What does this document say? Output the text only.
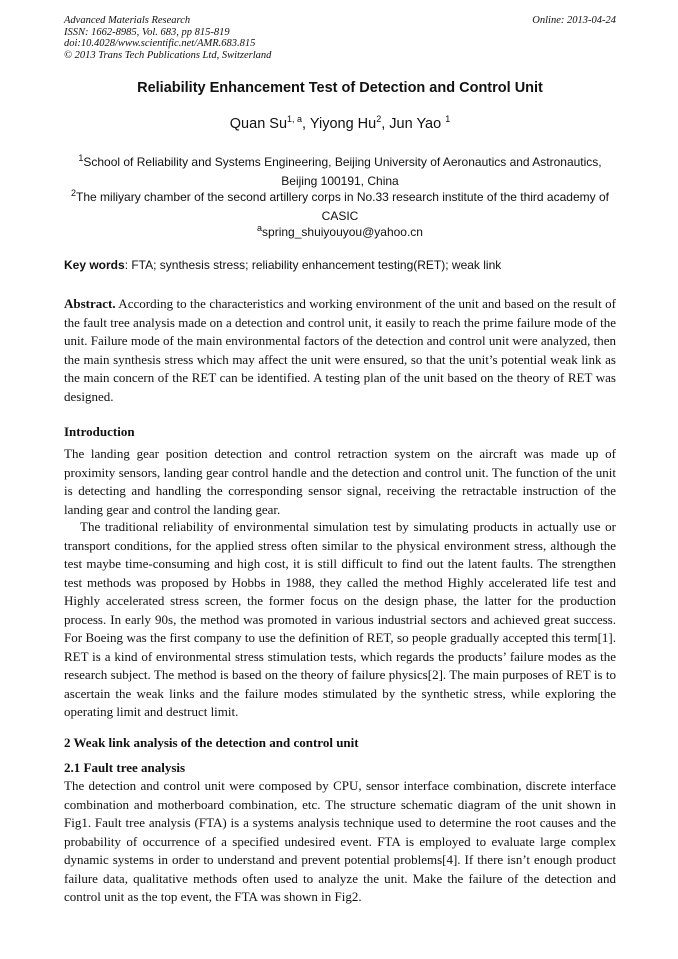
Advanced Materials Research
ISSN: 1662-8985, Vol. 683, pp 815-819
doi:10.4028/www.scientific.net/AMR.683.815
© 2013 Trans Tech Publications Ltd, Switzerland
Online: 2013-04-24
Reliability Enhancement Test of Detection and Control Unit
Quan Su$^{1, a}$, Yiyong Hu$^2$, Jun Yao $^1$
$^1$School of Reliability and Systems Engineering, Beijing University of Aeronautics and Astronautics, Beijing 100191, China
$^2$The miliyary chamber of the second artillery corps in No.33 research institute of the third academy of CASIC
$^a$spring_shuiyouyou@yahoo.cn
Key words: FTA; synthesis stress; reliability enhancement testing(RET); weak link
Abstract. According to the characteristics and working environment of the unit and based on the result of the fault tree analysis made on a detection and control unit, it easily to reach the prime failure mode of the unit. Failure mode of the main environmental factors of the detection and control unit were analyzed, then the main synthesis stress which may affect the unit were ensured, so that the unit’s potential weak link as the main concern of the RET can be identified. A testing plan of the unit based on the theory of RET was designed.
Introduction
The landing gear position detection and control retraction system on the aircraft was made up of proximity sensors, landing gear control handle and the detection and control unit. The function of the unit is detecting and handling the corresponding sensor signal, receiving the retractable instruction of the landing gear and control the landing gear.
The traditional reliability of environmental simulation test by simulating products in actually use or transport conditions, for the applied stress often similar to the physical environment stress, although the test maybe time-consuming and high cost, it is still difficult to find out the latent faults. The strengthen test methods was proposed by Hobbs in 1988, they called the method Highly accelerated life test and Highly accelerated stress screen, the former focus on the design phase, the latter for the production process. In early 90s, the method was promoted in various industrial sectors and achieved great success. For Boeing was the first company to use the definition of RET, so people gradually accepted this term[1]. RET is a kind of environmental stress stimulation tests, which regards the products’ failure modes as the research subject. The method is based on the theory of failure physics[2]. The main purposes of RET is to ascertain the weak links and the failure modes stimulated by the synthetic stress, while exploring the operating limit and destruct limit.
2 Weak link analysis of the detection and control unit
2.1 Fault tree analysis
The detection and control unit were composed by CPU, sensor interface combination, discrete interface combination and motherboard combination, etc. The structure schematic diagram of the unit shown in Fig1. Fault tree analysis (FTA) is a systems analysis technique used to determine the root causes and the probability of occurrence of a specified undesired event. FTA is employed to evaluate large complex dynamic systems in order to understand and prevent potential problems[4]. If there isn’t enough product failure data, qualitative methods often used to analyze the unit. Make the failure of the detection and control unit as the top event, the FTA was shown in Fig2.
